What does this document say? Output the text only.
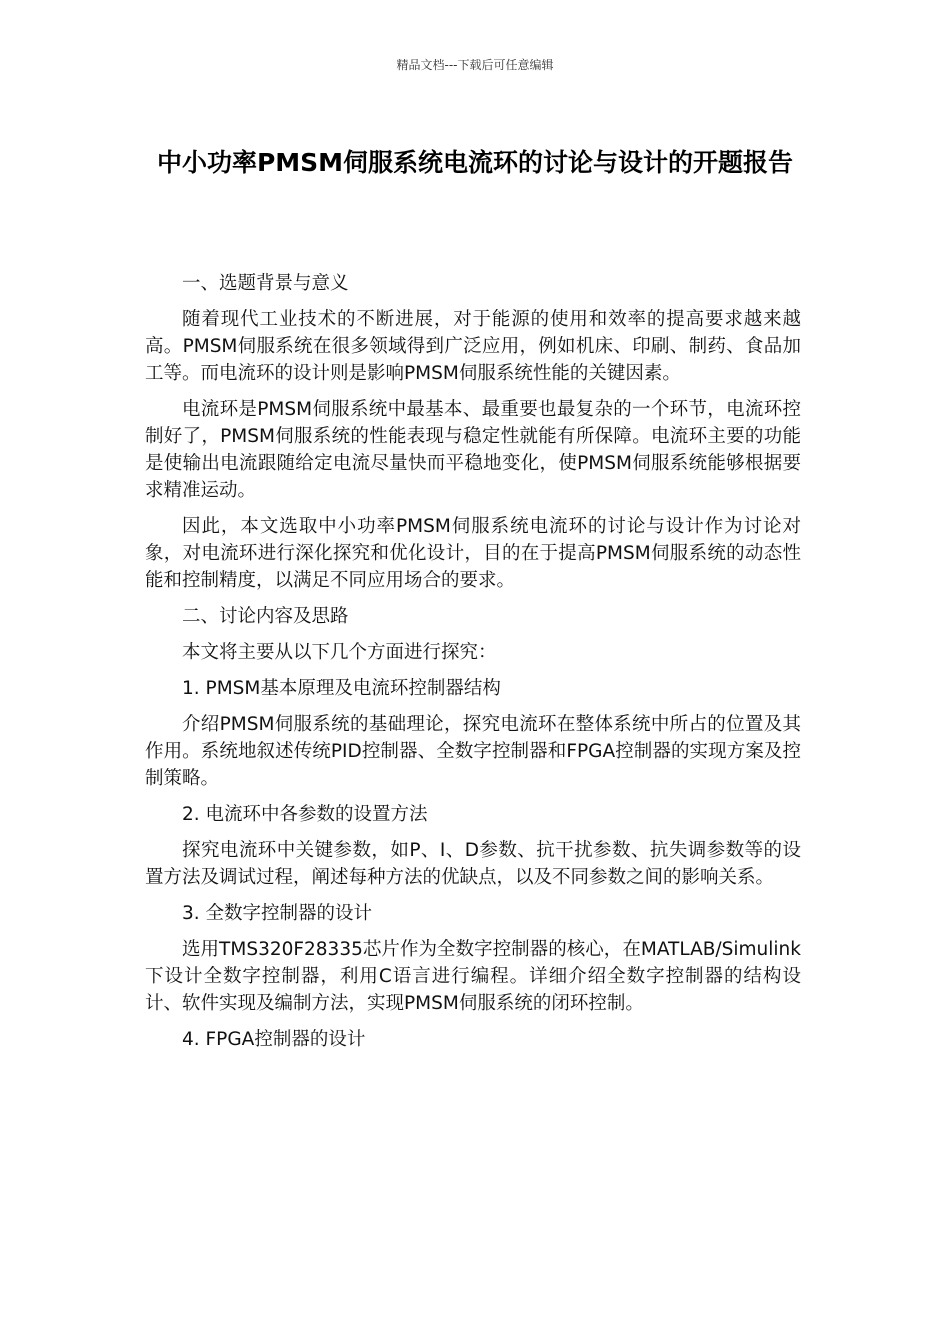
精品文档---下载后可任意编辑
中小功率PMSM伺服系统电流环的讨论与设计的开题报告

一、选题背景与意义

随着现代工业技术的不断进展，对于能源的使用和效率的提高要求越来越高。PMSM伺服系统在很多领域得到广泛应用，例如机床、印刷、制药、食品加工等。而电流环的设计则是影响PMSM伺服系统性能的关键因素。

电流环是PMSM伺服系统中最基本、最重要也最复杂的一个环节，电流环控制好了，PMSM伺服系统的性能表现与稳定性就能有所保障。电流环主要的功能是使输出电流跟随给定电流尽量快而平稳地变化，使PMSM伺服系统能够根据要求精准运动。

因此，本文选取中小功率PMSM伺服系统电流环的讨论与设计作为讨论对象，对电流环进行深化探究和优化设计，目的在于提高PMSM伺服系统的动态性能和控制精度，以满足不同应用场合的要求。

二、讨论内容及思路

本文将主要从以下几个方面进行探究：

1. PMSM基本原理及电流环控制器结构

介绍PMSM伺服系统的基础理论，探究电流环在整体系统中所占的位置及其作用。系统地叙述传统PID控制器、全数字控制器和FPGA控制器的实现方案及控制策略。

2. 电流环中各参数的设置方法

探究电流环中关键参数，如P、I、D参数、抗干扰参数、抗失调参数等的设置方法及调试过程，阐述每种方法的优缺点，以及不同参数之间的影响关系。

3. 全数字控制器的设计

选用TMS320F28335芯片作为全数字控制器的核心，在MATLAB/Simulink下设计全数字控制器，利用C语言进行编程。详细介绍全数字控制器的结构设计、软件实现及编制方法，实现PMSM伺服系统的闭环控制。

4. FPGA控制器的设计
